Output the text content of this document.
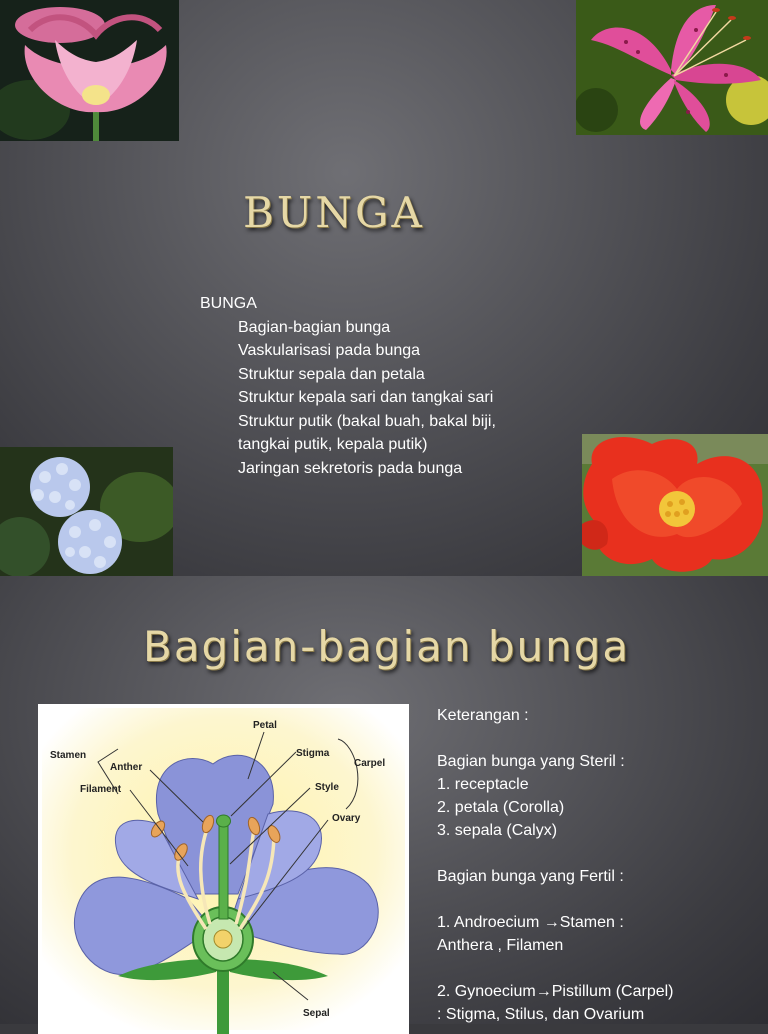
BUNGA
BUNGA
Bagian-bagian bunga
Vaskularisasi pada bunga
Struktur sepala dan petala
Struktur kepala sari dan tangkai sari
Struktur putik (bakal buah, bakal biji,
tangkai putik, kepala putik)
Jaringan sekretoris pada bunga
Bagian-bagian bunga
Petal
Stamen	Stigma
Carpel
Anther
Style
Filament
Ovary
Sepal
Keterangan :
Bagian bunga yang Steril :
1. receptacle
2. petala (Corolla)
3. sepala (Calyx)
Bagian bunga yang Fertil :
1. Androecium →Stamen :
Anthera , Filamen
2. Gynoecium→Pistillum (Carpel)
: Stigma, Stilus, dan Ovarium
